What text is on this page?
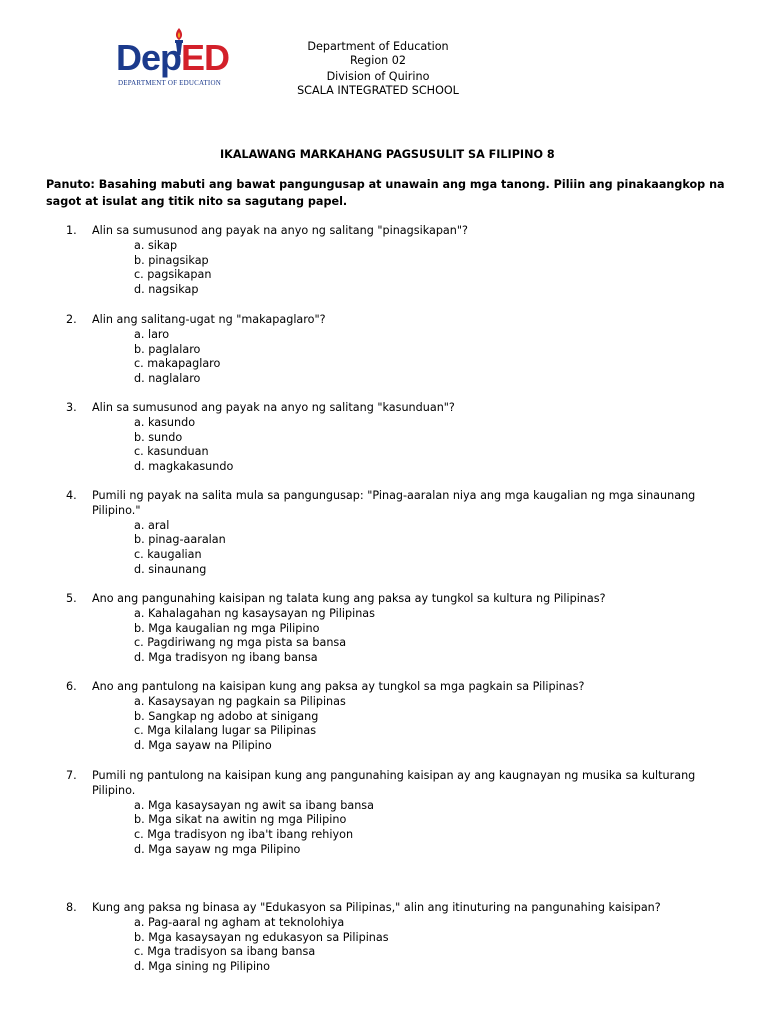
DepED
DEPARTMENT OF EDUCATION
Department of Education
Region 02
Division of Quirino
SCALA INTEGRATED SCHOOL
IKALAWANG MARKAHANG PAGSUSULIT SA FILIPINO 8
Panuto: Basahing mabuti ang bawat pangungusap at unawain ang mga tanong. Piliin ang pinakaangkop na sagot at isulat ang titik nito sa sagutang papel.
1. Alin sa sumusunod ang payak na anyo ng salitang "pinagsikapan"?
a. sikap
b. pinagsikap
c. pagsikapan
d. nagsikap
2. Alin ang salitang-ugat ng "makapaglaro"?
a. laro
b. paglalaro
c. makapaglaro
d. naglalaro
3. Alin sa sumusunod ang payak na anyo ng salitang "kasunduan"?
a. kasundo
b. sundo
c. kasunduan
d. magkakasundo
4. Pumili ng payak na salita mula sa pangungusap: "Pinag-aaralan niya ang mga kaugalian ng mga sinaunang Pilipino."
a. aral
b. pinag-aaralan
c. kaugalian
d. sinaunang
5. Ano ang pangunahing kaisipan ng talata kung ang paksa ay tungkol sa kultura ng Pilipinas?
a. Kahalagahan ng kasaysayan ng Pilipinas
b. Mga kaugalian ng mga Pilipino
c. Pagdiriwang ng mga pista sa bansa
d. Mga tradisyon ng ibang bansa
6. Ano ang pantulong na kaisipan kung ang paksa ay tungkol sa mga pagkain sa Pilipinas?
a. Kasaysayan ng pagkain sa Pilipinas
b. Sangkap ng adobo at sinigang
c. Mga kilalang lugar sa Pilipinas
d. Mga sayaw na Pilipino
7. Pumili ng pantulong na kaisipan kung ang pangunahing kaisipan ay ang kaugnayan ng musika sa kulturang Pilipino.
a. Mga kasaysayan ng awit sa ibang bansa
b. Mga sikat na awitin ng mga Pilipino
c. Mga tradisyon ng iba't ibang rehiyon
d. Mga sayaw ng mga Pilipino
8. Kung ang paksa ng binasa ay "Edukasyon sa Pilipinas," alin ang itinuturing na pangunahing kaisipan?
a. Pag-aaral ng agham at teknolohiya
b. Mga kasaysayan ng edukasyon sa Pilipinas
c. Mga tradisyon sa ibang bansa
d. Mga sining ng Pilipino
